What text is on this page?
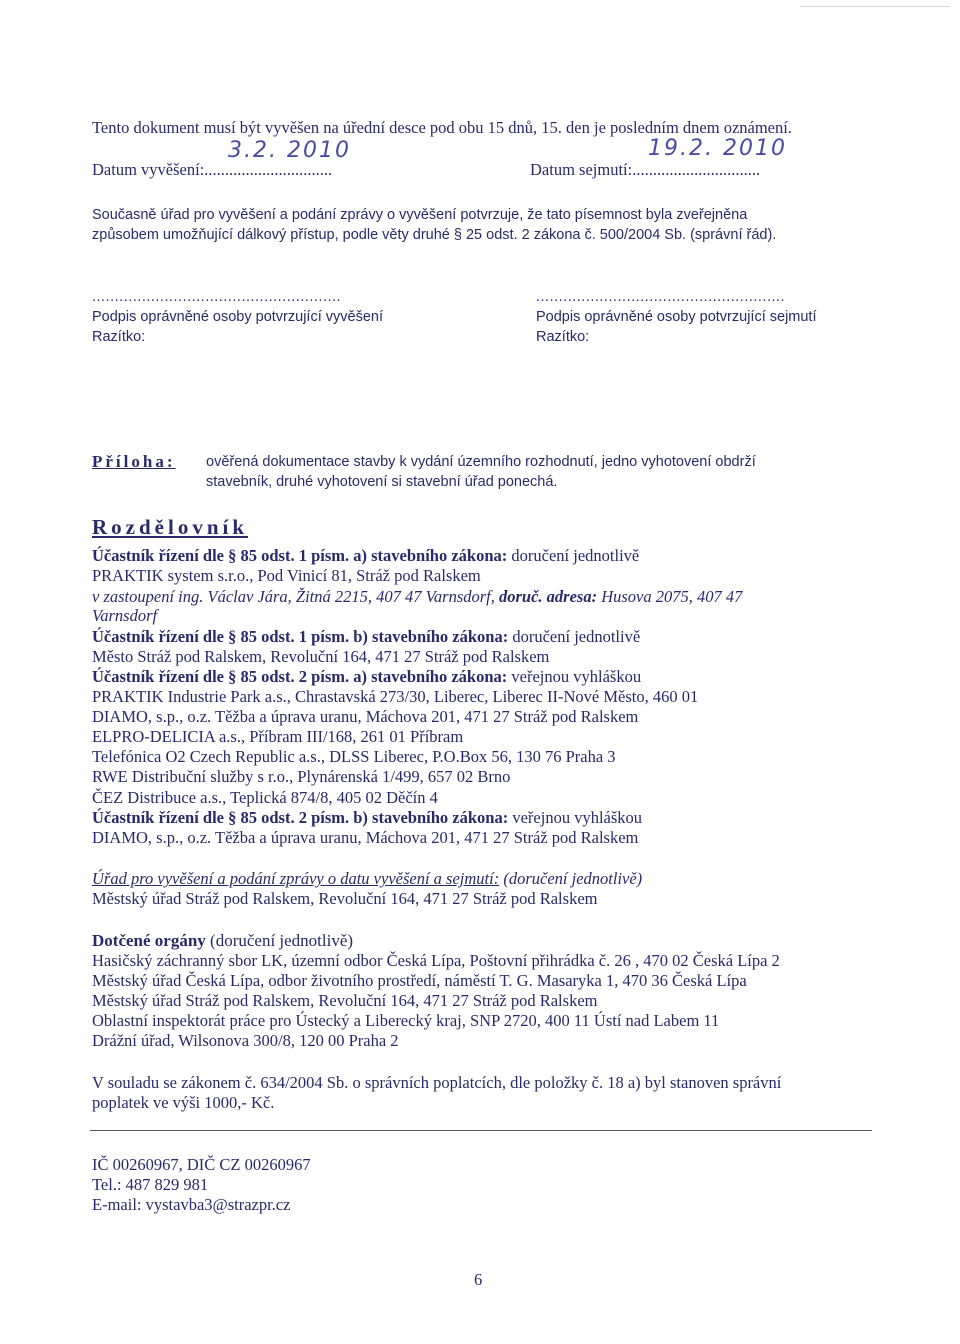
Tento dokument musí být vyvěšen na úřední desce pod obu 15 dnů, 15. den je posledním dnem oznámení.
Datum vyvěšení:...............................
3.2. 2010
Datum sejmutí:...............................
19.2. 2010
Současně úřad pro vyvěšení a podání zprávy o vyvěšení potvrzuje, že tato písemnost byla zveřejněna
způsobem umožňující dálkový přístup, podle věty druhé § 25 odst. 2 zákona č. 500/2004 Sb. (správní řád).
.......................................................
Podpis oprávněné osoby potvrzující vyvěšení
Razítko:
.......................................................
Podpis oprávněné osoby potvrzující sejmutí
Razítko:
Příloha: ověřená dokumentace stavby k vydání územního rozhodnutí, jedno vyhotovení obdrží
stavebník, druhé vyhotovení si stavební úřad ponechá.
Rozdělovník
Účastník řízení dle § 85 odst. 1 písm. a) stavebního zákona: doručení jednotlivě
PRAKTIK system s.r.o., Pod Vinicí 81, Stráž pod Ralskem
v zastoupení ing. Václav Jára, Žitná 2215, 407 47 Varnsdorf, doruč. adresa: Husova 2075, 407 47
Varnsdorf
Účastník řízení dle § 85 odst. 1 písm. b) stavebního zákona: doručení jednotlivě
Město Stráž pod Ralskem, Revoluční 164, 471 27 Stráž pod Ralskem
Účastník řízení dle § 85 odst. 2 písm. a) stavebního zákona: veřejnou vyhláškou
PRAKTIK Industrie Park a.s., Chrastavská 273/30, Liberec, Liberec II-Nové Město, 460 01
DIAMO, s.p., o.z. Těžba a úprava uranu, Máchova 201, 471 27 Stráž pod Ralskem
ELPRO-DELICIA a.s., Příbram III/168, 261 01 Příbram
Telefónica O2 Czech Republic a.s., DLSS Liberec, P.O.Box 56, 130 76 Praha 3
RWE Distribuční služby s r.o., Plynárenská 1/499, 657 02 Brno
ČEZ Distribuce a.s., Teplická 874/8, 405 02 Děčín 4
Účastník řízení dle § 85 odst. 2 písm. b) stavebního zákona: veřejnou vyhláškou
DIAMO, s.p., o.z. Těžba a úprava uranu, Máchova 201, 471 27 Stráž pod Ralskem
Úřad pro vyvěšení a podání zprávy o datu vyvěšení a sejmutí: (doručení jednotlivě)
Městský úřad Stráž pod Ralskem, Revoluční 164, 471 27 Stráž pod Ralskem
Dotčené orgány (doručení jednotlivě)
Hasičský záchranný sbor LK, územní odbor Česká Lípa, Poštovní přihrádka č. 26 , 470 02 Česká Lípa 2
Městský úřad Česká Lípa, odbor životního prostředí, náměstí T. G. Masaryka 1, 470 36 Česká Lípa
Městský úřad Stráž pod Ralskem, Revoluční 164, 471 27 Stráž pod Ralskem
Oblastní inspektorát práce pro Ústecký a Liberecký kraj, SNP 2720, 400 11 Ústí nad Labem 11
Drážní úřad, Wilsonova 300/8, 120 00 Praha 2
V souladu se zákonem č. 634/2004 Sb. o správních poplatcích, dle položky č. 18 a) byl stanoven správní
poplatek ve výši 1000,- Kč.
IČ 00260967, DIČ CZ 00260967
Tel.: 487 829 981
E-mail: vystavba3@strazpr.cz
6
